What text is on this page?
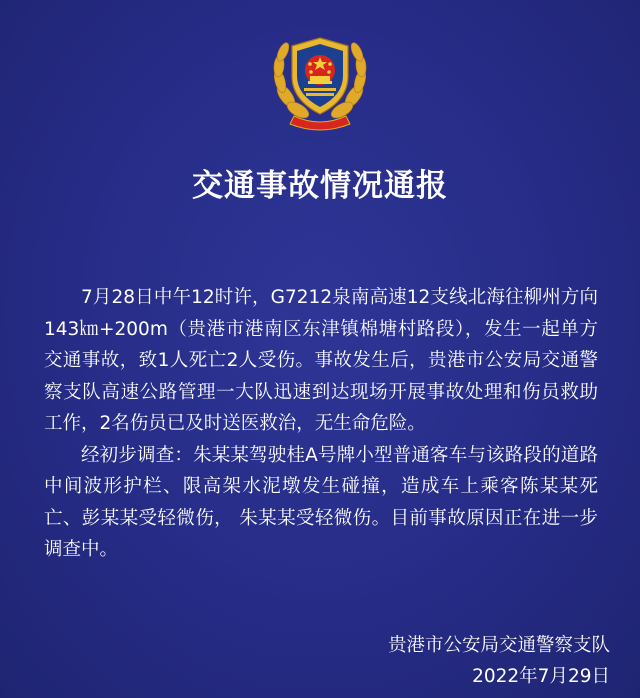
交通事故情况通报

7月28日中午12时许，G7212泉南高速12支线北海往柳州方向143㎞+200m（贵港市港南区东津镇棉塘村路段），发生一起单方交通事故，致1人死亡2人受伤。事故发生后，贵港市公安局交通警察支队高速公路管理一大队迅速到达现场开展事故处理和伤员救助工作，2名伤员已及时送医救治，无生命危险。

经初步调查：朱某某驾驶桂A号牌小型普通客车与该路段的道路中间波形护栏、限高架水泥墩发生碰撞，造成车上乘客陈某某死亡、彭某某受轻微伤， 朱某某受轻微伤。目前事故原因正在进一步调查中。

贵港市公安局交通警察支队
2022年7月29日
